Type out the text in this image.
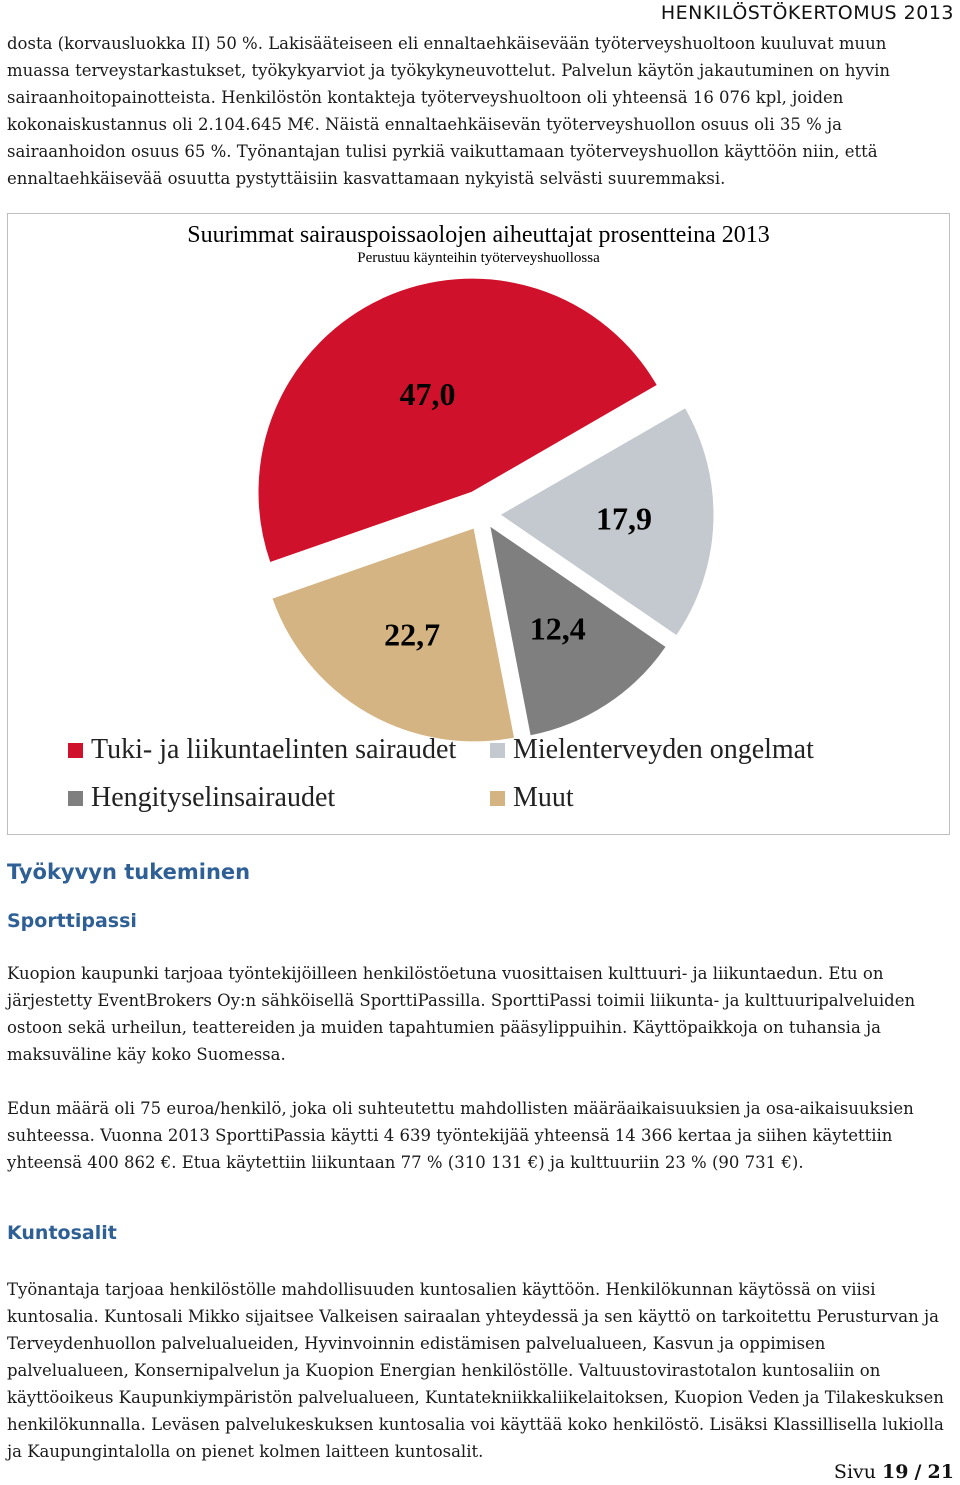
HENKILÖSTÖKERTOMUS 2013

dosta (korvausluokka II) 50 %. Lakisääteiseen eli ennaltaehkäisevään työterveyshuoltoon kuuluvat muun muassa terveystarkastukset, työkykyarviot ja työkykyneuvottelut. Palvelun käytön jakautuminen on hyvin sairaanhoitopainotteista. Henkilöstön kontakteja työterveyshuoltoon oli yhteensä 16 076 kpl, joiden kokonaiskustannus oli 2.104.645 M€. Näistä ennaltaehkäisevän työterveyshuollon osuus oli 35 % ja sairaanhoidon osuus 65 %. Työnantajan tulisi pyrkiä vaikuttamaan työterveyshuollon käyttöön niin, että ennaltaehkäisevää osuutta pystyttäisiin kasvattamaan nykyistä selvästi suuremmaksi.

Suurimmat sairauspoissaolojen aiheuttajat prosentteina 2013
Perustuu käynteihin työterveyshuollossa
47,0
17,9
12,4
22,7
Tuki- ja liikuntaelinten sairaudet Mielenterveyden ongelmat
Hengityselinsairaudet	Muut
Työkyvyn tukeminen
Sporttipassi

Kuopion kaupunki tarjoaa työntekijöilleen henkilöstöetuna vuosittaisen kulttuuri- ja liikuntaedun. Etu on järjestetty EventBrokers Oy:n sähköisellä SporttiPassilla. SporttiPassi toimii liikunta- ja kulttuuripalveluiden ostoon sekä urheilun, teattereiden ja muiden tapahtumien pääsylippuihin. Käyttöpaikkoja on tuhansia ja maksuväline käy koko Suomessa.

Edun määrä oli 75 euroa/henkilö, joka oli suhteutettu mahdollisten määräaikaisuuksien ja osa-aikaisuuksien suhteessa. Vuonna 2013 SporttiPassia käytti 4 639 työntekijää yhteensä 14 366 kertaa ja siihen käytettiin yhteensä 400 862 €. Etua käytettiin liikuntaan 77 % (310 131 €) ja kulttuuriin 23 % (90 731 €).

Kuntosalit

Työnantaja tarjoaa henkilöstölle mahdollisuuden kuntosalien käyttöön. Henkilökunnan käytössä on viisi kuntosalia. Kuntosali Mikko sijaitsee Valkeisen sairaalan yhteydessä ja sen käyttö on tarkoitettu Perusturvan ja Terveydenhuollon palvelualueiden, Hyvinvoinnin edistämisen palvelualueen, Kasvun ja oppimisen palvelualueen, Konsernipalvelun ja Kuopion Energian henkilöstölle. Valtuustovirastotalon kuntosaliin on käyttöoikeus Kaupunkiympäristön palvelualueen, Kuntatekniikkaliikelaitoksen, Kuopion Veden ja Tilakeskuksen henkilökunnalla. Leväsen palvelukeskuksen kuntosalia voi käyttää koko henkilöstö. Lisäksi Klassillisella lukiolla ja Kaupungintalolla on pienet kolmen laitteen kuntosalit.

Sivu 19 / 21
